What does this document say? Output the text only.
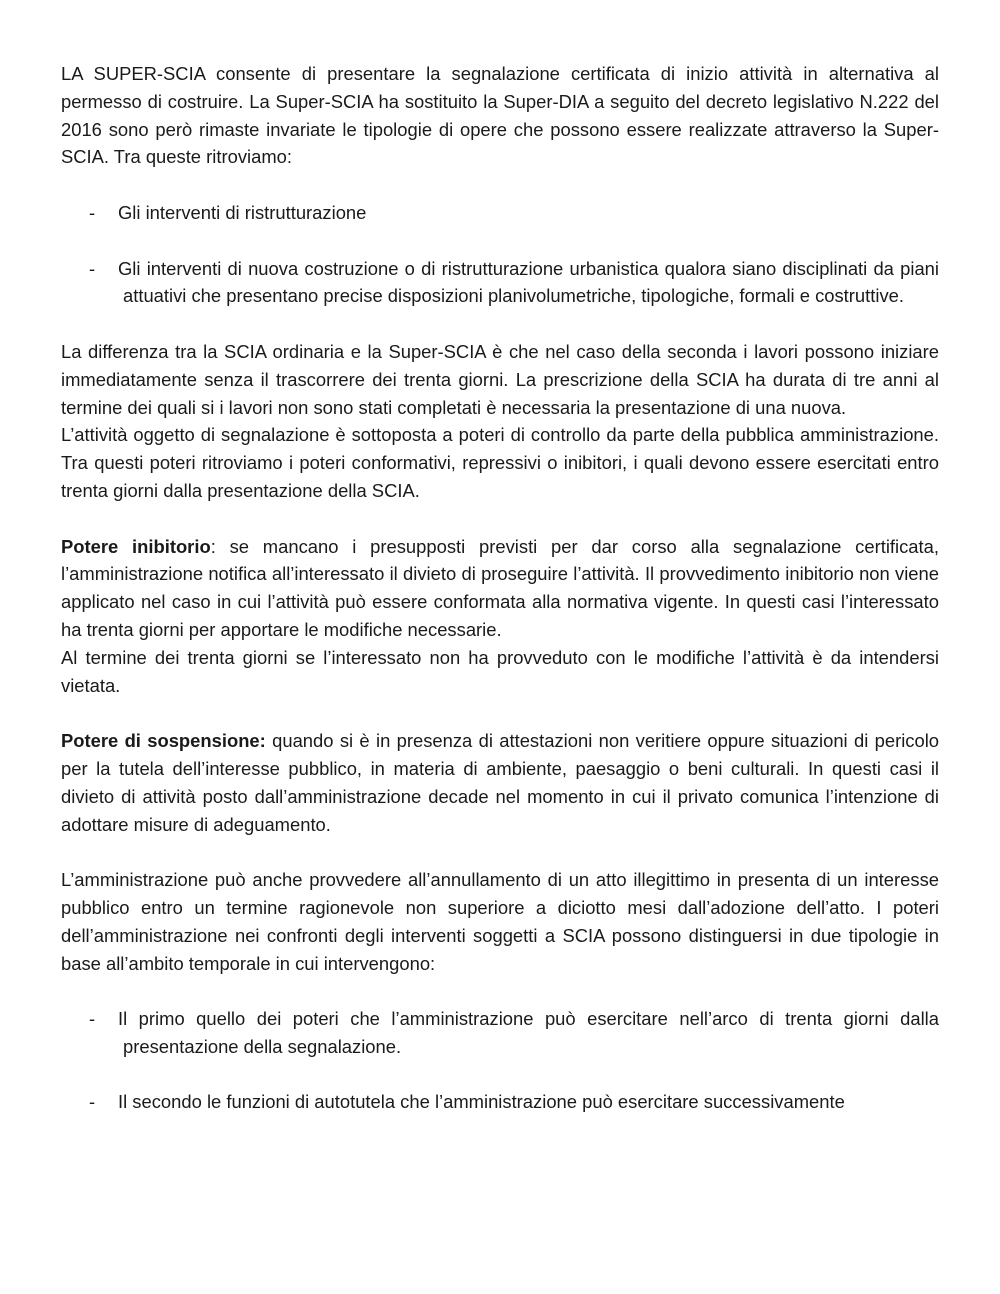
LA SUPER-SCIA consente di presentare la segnalazione certificata di inizio attività in alternativa al permesso di costruire. La Super-SCIA ha sostituito la Super-DIA a seguito del decreto legislativo N.222 del 2016 sono però rimaste invariate le tipologie di opere che possono essere realizzate attraverso la Super-SCIA. Tra queste ritroviamo:

- Gli interventi di ristrutturazione
- Gli interventi di nuova costruzione o di ristrutturazione urbanistica qualora siano disciplinati da piani attuativi che presentano precise disposizioni planivolumetriche, tipologiche, formali e costruttive.

La differenza tra la SCIA ordinaria e la Super-SCIA è che nel caso della seconda i lavori possono iniziare immediatamente senza il trascorrere dei trenta giorni. La prescrizione della SCIA ha durata di tre anni al termine dei quali si i lavori non sono stati completati è necessaria la presentazione di una nuova.

L’attività oggetto di segnalazione è sottoposta a poteri di controllo da parte della pubblica amministrazione. Tra questi poteri ritroviamo i poteri conformativi, repressivi o inibitori, i quali devono essere esercitati entro trenta giorni dalla presentazione della SCIA.

Potere inibitorio: se mancano i presupposti previsti per dar corso alla segnalazione certificata, l’amministrazione notifica all’interessato il divieto di proseguire l’attività. Il provvedimento inibitorio non viene applicato nel caso in cui l’attività può essere conformata alla normativa vigente. In questi casi l’interessato ha trenta giorni per apportare le modifiche necessarie.

Al termine dei trenta giorni se l’interessato non ha provveduto con le modifiche l’attività è da intendersi vietata.

Potere di sospensione: quando si è in presenza di attestazioni non veritiere oppure situazioni di pericolo per la tutela dell’interesse pubblico, in materia di ambiente, paesaggio o beni culturali. In questi casi il divieto di attività posto dall’amministrazione decade nel momento in cui il privato comunica l’intenzione di adottare misure di adeguamento.

L’amministrazione può anche provvedere all’annullamento di un atto illegittimo in presenta di un interesse pubblico entro un termine ragionevole non superiore a diciotto mesi dall’adozione dell’atto. I poteri dell’amministrazione nei confronti degli interventi soggetti a SCIA possono distinguersi in due tipologie in base all’ambito temporale in cui intervengono:

- Il primo quello dei poteri che l’amministrazione può esercitare nell’arco di trenta giorni dalla presentazione della segnalazione.
- Il secondo le funzioni di autotutela che l’amministrazione può esercitare successivamente
